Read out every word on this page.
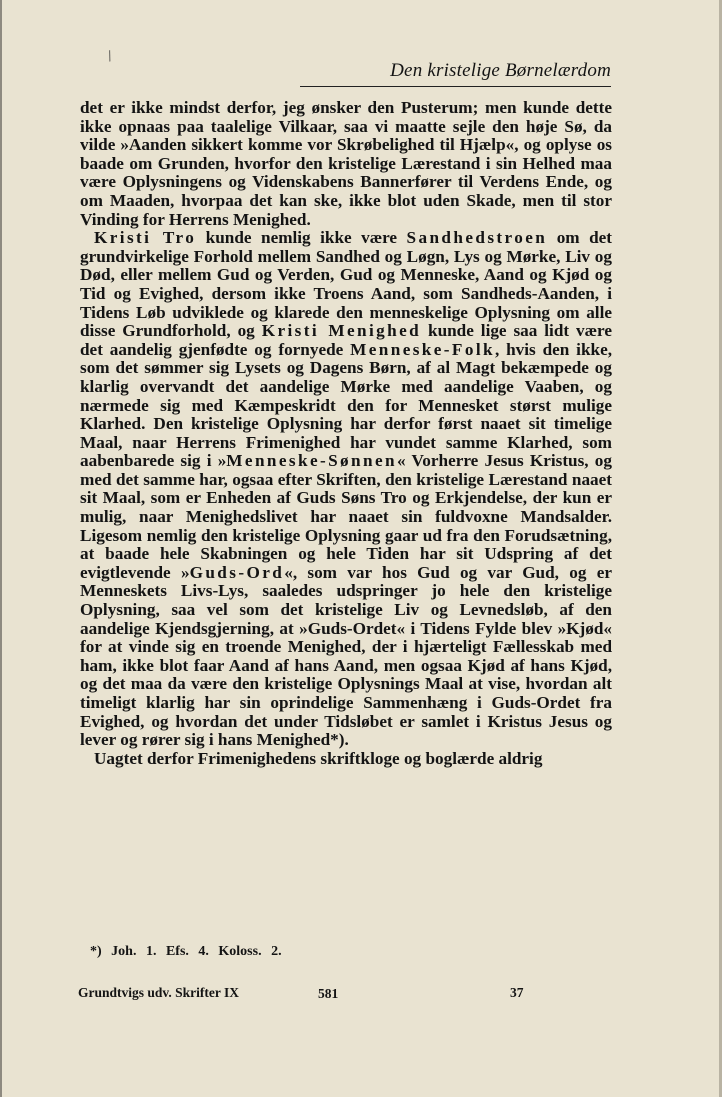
/
Den kristelige Børnelærdom

det er ikke mindst derfor, jeg ønsker den Pusterum; men kunde dette ikke opnaas paa taalelige Vilkaar, saa vi maatte sejle den høje Sø, da vilde »Aanden sikkert komme vor Skrøbelighed til Hjælp«, og oplyse os baade om Grunden, hvorfor den kristelige Lærestand i sin Helhed maa være Oplysningens og Videnskabens Bannerfører til Verdens Ende, og om Maaden, hvorpaa det kan ske, ikke blot uden Skade, men til stor Vinding for Herrens Menighed.

Kristi Tro kunde nemlig ikke være Sandhedstroen om det grundvirkelige Forhold mellem Sandhed og Løgn, Lys og Mørke, Liv og Død, eller mellem Gud og Verden, Gud og Menneske, Aand og Kjød og Tid og Evighed, dersom ikke Troens Aand, som Sandheds-Aanden, i Tidens Løb udviklede og klarede den menneskelige Oplysning om alle disse Grundforhold, og Kristi Menighed kunde lige saa lidt være det aandelig gjenfødte og fornyede Menneske-Folk, hvis den ikke, som det sømmer sig Lysets og Dagens Børn, af al Magt bekæmpede og klarlig overvandt det aandelige Mørke med aandelige Vaaben, og nærmede sig med Kæmpeskridt den for Mennesket størst mulige Klarhed. Den kristelige Oplysning har derfor først naaet sit timelige Maal, naar Herrens Frimenighed har vundet samme Klarhed, som aabenbarede sig i »Menneske-Sønnen« Vorherre Jesus Kristus, og med det samme har, ogsaa efter Skriften, den kristelige Lærestand naaet sit Maal, som er Enheden af Guds Søns Tro og Erkjendelse, der kun er mulig, naar Menighedslivet har naaet sin fuldvoxne Mandsalder. Ligesom nemlig den kristelige Oplysning gaar ud fra den Forudsætning, at baade hele Skabningen og hele Tiden har sit Udspring af det evigtlevende »Guds-Ord«, som var hos Gud og var Gud, og er Menneskets Livs-Lys, saaledes udspringer jo hele den kristelige Oplysning, saa vel som det kristelige Liv og Levnedsløb, af den aandelige Kjendsgjerning, at »Guds-Ordet« i Tidens Fylde blev »Kjød« for at vinde sig en troende Menighed, der i hjærteligt Fællesskab med ham, ikke blot faar Aand af hans Aand, men ogsaa Kjød af hans Kjød, og det maa da være den kristelige Oplysnings Maal at vise, hvordan alt timeligt klarlig har sin oprindelige Sammenhæng i Guds-Ordet fra Evighed, og hvordan det under Tidsløbet er samlet i Kristus Jesus og lever og rører sig i hans Menighed*).

Uagtet derfor Frimenighedens skriftkloge og boglærde aldrig

*) Joh. 1. Efs. 4. Koloss. 2.
Grundtvigs udv. Skrifter IX	581	37
